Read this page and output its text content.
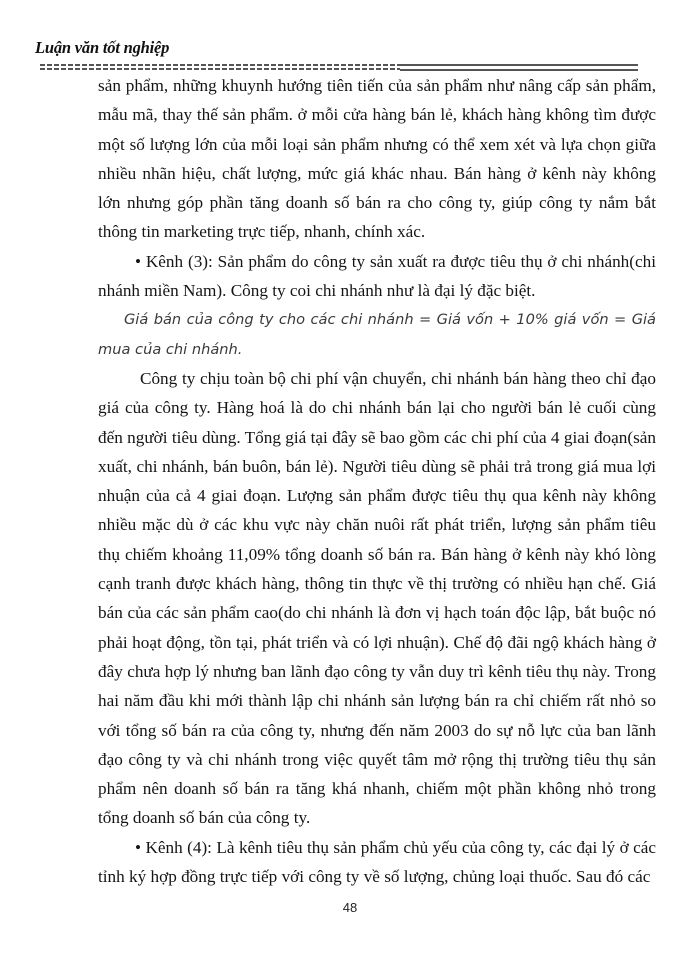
Luận văn tốt nghiệp

sản phẩm, những khuynh hướng tiên tiến của sản phẩm như nâng cấp sản phẩm, mẫu mã, thay thế sản phẩm. ở mỗi cửa hàng bán lẻ, khách hàng không tìm được một số lượng lớn của mỗi loại sản phẩm nhưng có thể xem xét và lựa chọn giữa nhiều nhãn hiệu, chất lượng, mức giá khác nhau. Bán hàng ở kênh này không lớn nhưng góp phần tăng doanh số bán ra cho công ty, giúp công ty nắm bắt thông tin marketing trực tiếp, nhanh, chính xác.

• Kênh (3): Sản phẩm do công ty sản xuất ra được tiêu thụ ở chi nhánh(chi nhánh miền Nam). Công ty coi chi nhánh như là đại lý đặc biệt.

Giá bán của công ty cho các chi nhánh = Giá vốn + 10% giá vốn = Giá mua của chi nhánh.

Công ty chịu toàn bộ chi phí vận chuyển, chi nhánh bán hàng theo chỉ đạo giá của công ty. Hàng hoá là do chi nhánh bán lại cho người bán lẻ cuối cùng đến người tiêu dùng. Tổng giá tại đây sẽ bao gồm các chi phí của 4 giai đoạn(sản xuất, chi nhánh, bán buôn, bán lẻ). Người tiêu dùng sẽ phải trả trong giá mua lợi nhuận của cả 4 giai đoạn. Lượng sản phẩm được tiêu thụ qua kênh này không nhiều mặc dù ở các khu vực này chăn nuôi rất phát triển, lượng sản phẩm tiêu thụ chiếm khoảng 11,09% tổng doanh số bán ra. Bán hàng ở kênh này khó lòng cạnh tranh được khách hàng, thông tin thực về thị trường có nhiều hạn chế. Giá bán của các sản phẩm cao(do chi nhánh là đơn vị hạch toán độc lập, bắt buộc nó phải hoạt động, tồn tại, phát triển và có lợi nhuận). Chế độ đãi ngộ khách hàng ở đây chưa hợp lý nhưng ban lãnh đạo công ty vẫn duy trì kênh tiêu thụ này. Trong hai năm đầu khi mới thành lập chi nhánh sản lượng bán ra chỉ chiếm rất nhỏ so với tổng số bán ra của công ty, nhưng đến năm 2003 do sự nỗ lực của ban lãnh đạo công ty và chi nhánh trong việc quyết tâm mở rộng thị trường tiêu thụ sản phẩm nên doanh số bán ra tăng khá nhanh, chiếm một phần không nhỏ trong tổng doanh số bán của công ty.

• Kênh (4): Là kênh tiêu thụ sản phẩm chủ yếu của công ty, các đại lý ở các tỉnh ký hợp đồng trực tiếp với công ty về số lượng, chủng loại thuốc. Sau đó các

48
